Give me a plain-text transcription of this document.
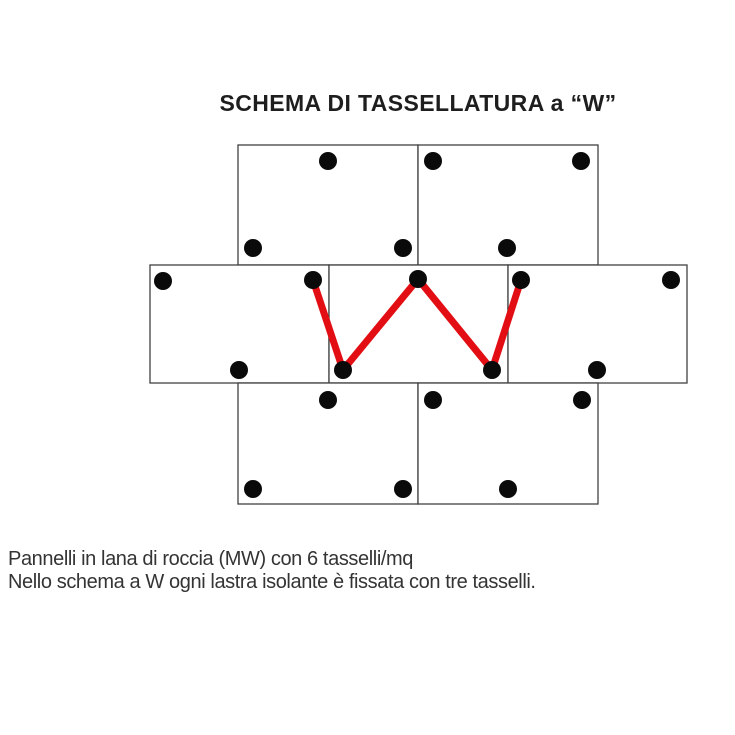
SCHEMA DI TASSELLATURA a “W”
Pannelli in lana di roccia (MW) con 6 tasselli/mq
Nello schema a W ogni lastra isolante è fissata con tre tasselli.
